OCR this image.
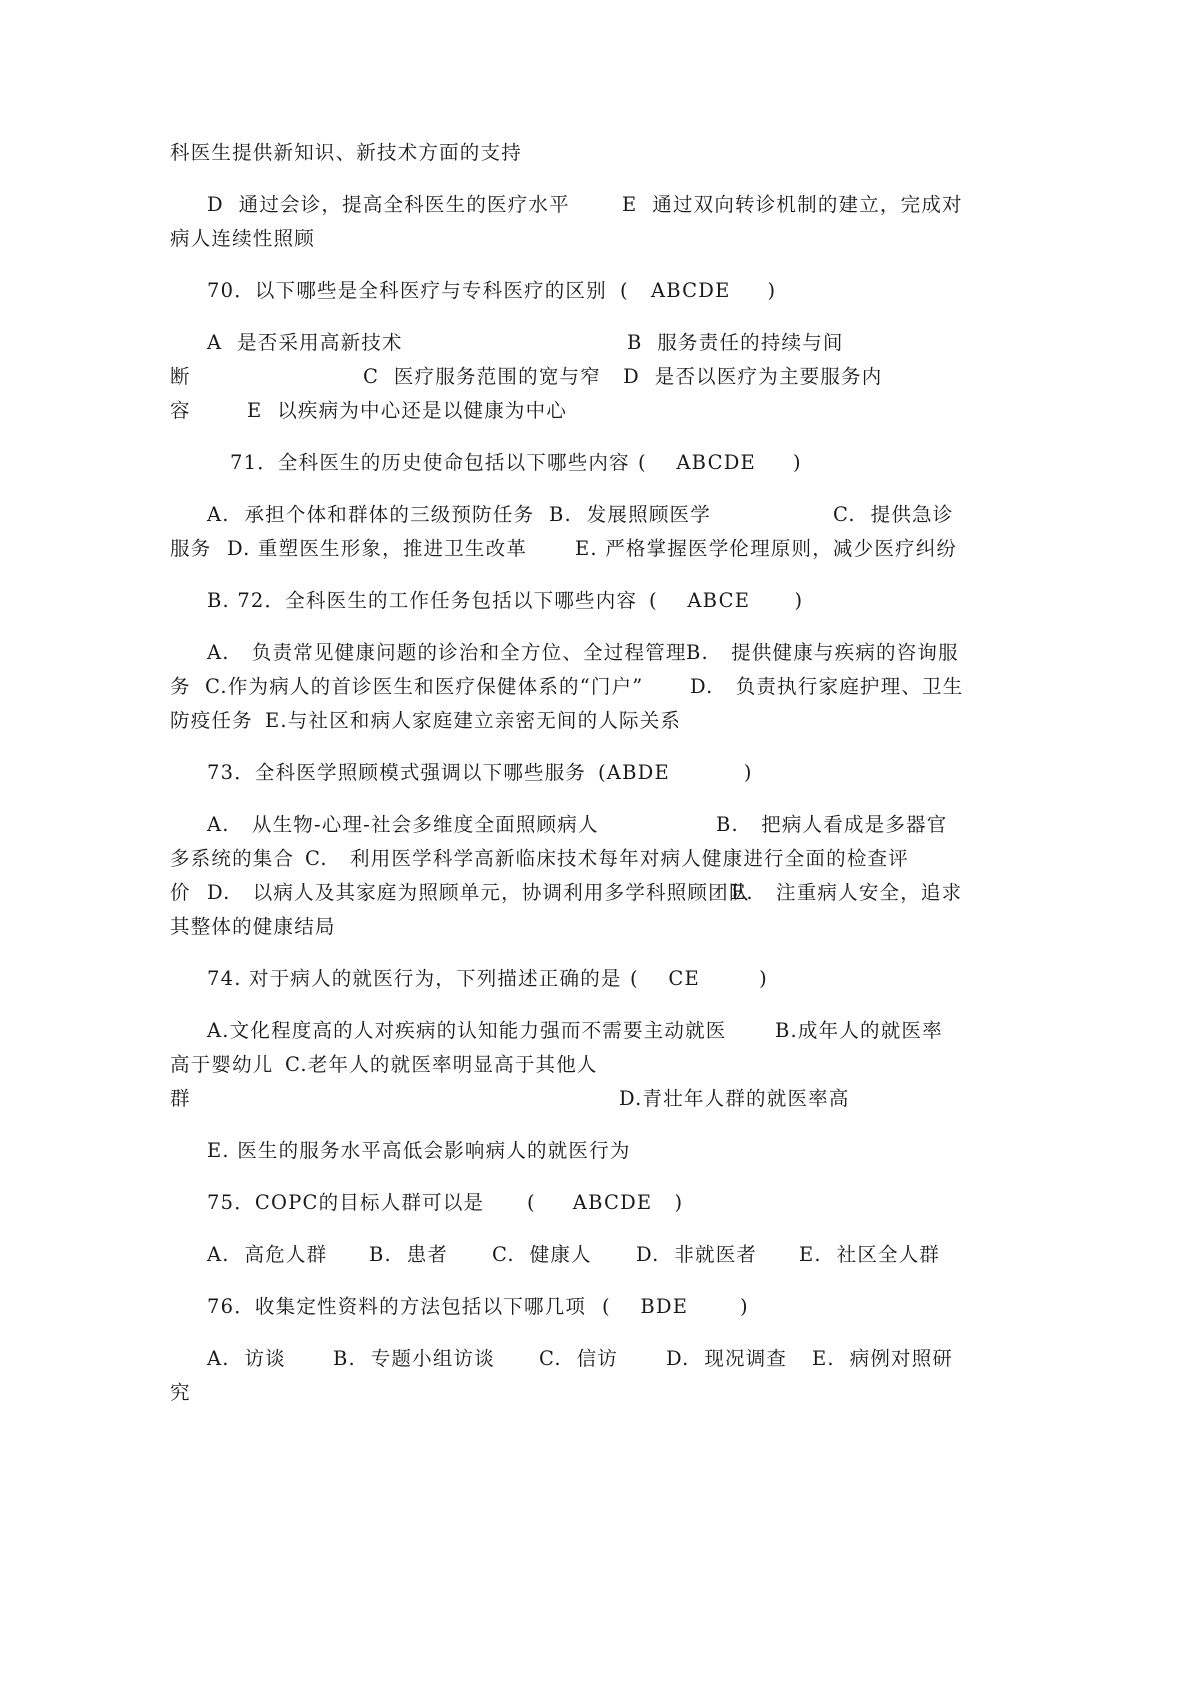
科医生提供新知识、新技术方面的支持
D  通过会诊，提高全科医生的医疗水平	E  通过双向转诊机制的建立，完成对
病人连续性照顾
70．以下哪些是全科医疗与专科医疗的区别 (   ABCDE     )
A  是否采用高新技术	B  服务责任的持续与间
断	C  医疗服务范围的宽与窄   D  是否以医疗为主要服务内
容	E  以疾病为中心还是以健康为中心
71．全科医生的历史使命包括以下哪些内容 (    ABCDE     )
A.  承担个体和群体的三级预防任务 B.  发展照顾医学	C.  提供急诊
服务 D. 重塑医生形象，推进卫生改革 E. 严格掌握医学伦理原则，减少医疗纠纷
B. 72．全科医生的工作任务包括以下哪些内容 (    ABCE      )
A.   负责常见健康问题的诊治和全方位、全过程管理 B.   提供健康与疾病的咨询服
务 C.作为病人的首诊医生和医疗保健体系的“门户” D.   负责执行家庭护理、卫生
防疫任务 E.与社区和病人家庭建立亲密无间的人际关系
73．全科医学照顾模式强调以下哪些服务 (ABDE          )
A.   从生物-心理-社会多维度全面照顾病人	B.   把病人看成是多器官
多系统的集合 C.   利用医学科学高新临床技术每年对病人健康进行全面的检查评
价 D.   以病人及其家庭为照顾单元，协调利用多学科照顾团队
E.   注重病人安全，追求
其整体的健康结局
74. 对于病人的就医行为，下列描述正确的是 (    CE        )
A.文化程度高的人对疾病的认知能力强而不需要主动就医 B.成年人的就医率
高于婴幼儿 C.老年人的就医率明显高于其他人
群	D.青壮年人群的就医率高
E. 医生的服务水平高低会影响病人的就医行为
75．COPC的目标人群可以是 (     ABCDE   )
A.  高危人群 B.  患者 C.  健康人 D.  非就医者 E.  社区全人群
76．收集定性资料的方法包括以下哪几项 (    BDE       )
A.  访谈 B.  专题小组访谈 C.  信访 D.  现况调查 E.  病例对照研
究
